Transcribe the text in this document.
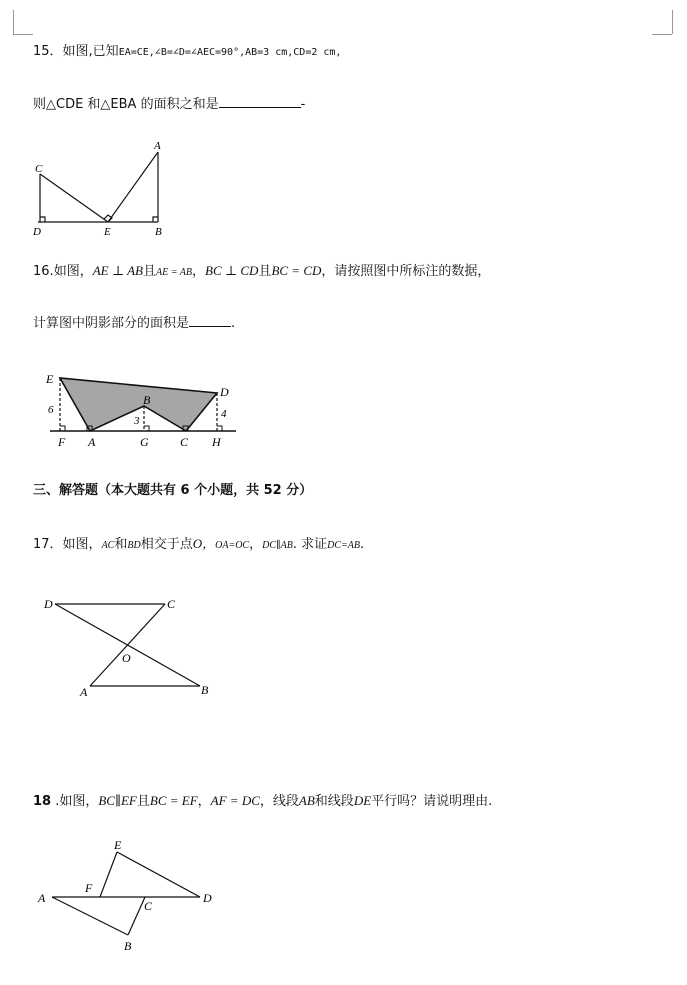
15．如图,已知EA=CE,∠B=∠D=∠AEC=90°,AB=3 cm,CD=2 cm,
则△CDE 和△EBA 的面积之和是	-
C
A
D	E	B
16.如图，AE ⊥ AB且AE = AB，BC ⊥ CD且BC = CD，请按照图中所标注的数据，
计算图中阴影部分的面积是	.
E
D
B
6
3
4
F A	G	C H
三、解答题（本大题共有 6 个小题，共 52 分）
17．如图，AC和BD相交于点O，OA=OC，DC∥AB. 求证DC=AB.
D	C
O
A	B
18 .如图，BC∥EF且BC = EF，AF = DC，线段AB和线段DE平行吗？请说明理由.
E
F
A	D
C
B
